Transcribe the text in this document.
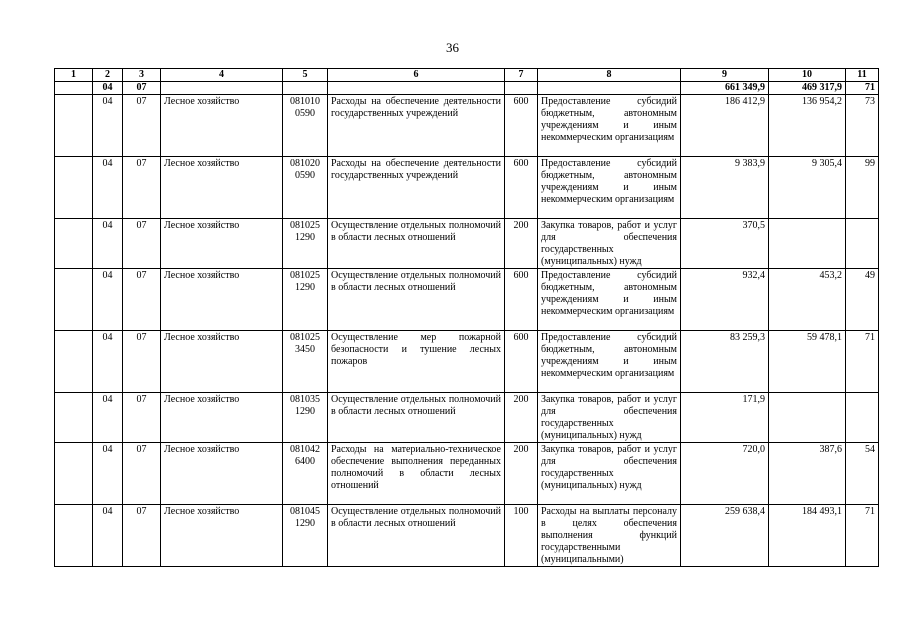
36
1	2	3	4	5	6	7	8	9	10	11
	04	07						661 349,9	469 317,9	71
	04	07	Лесное хозяйство	081010 0590	Расходы на обеспечение деятельности государственных учреждений	600	Предоставление субсидий бюджетным, автономным учреждениям и иным некоммерческим организациям	186 412,9	136 954,2	73
	04	07	Лесное хозяйство	081020 0590	Расходы на обеспечение деятельности государственных учреждений	600	Предоставление субсидий бюджетным, автономным учреждениям и иным некоммерческим организациям	9 383,9	9 305,4	99
	04	07	Лесное хозяйство	081025 1290	Осуществление отдельных полномочий в области лесных отношений	200	Закупка товаров, работ и услуг для обеспечения государственных (муниципальных) нужд	370,5		
	04	07	Лесное хозяйство	081025 1290	Осуществление отдельных полномочий в области лесных отношений	600	Предоставление субсидий бюджетным, автономным учреждениям и иным некоммерческим организациям	932,4	453,2	49
	04	07	Лесное хозяйство	081025 3450	Осуществление мер пожарной безопасности и тушение лесных пожаров	600	Предоставление субсидий бюджетным, автономным учреждениям и иным некоммерческим организациям	83 259,3	59 478,1	71
	04	07	Лесное хозяйство	081035 1290	Осуществление отдельных полномочий в области лесных отношений	200	Закупка товаров, работ и услуг для обеспечения государственных (муниципальных) нужд	171,9		
	04	07	Лесное хозяйство	081042 6400	Расходы на материально-техническое обеспечение выполнения переданных полномочий в области лесных отношений	200	Закупка товаров, работ и услуг для обеспечения государственных (муниципальных) нужд	720,0	387,6	54
	04	07	Лесное хозяйство	081045 1290	Осуществление отдельных полномочий в области лесных отношений	100	Расходы на выплаты персоналу в целях обеспечения выполнения функций государственными (муниципальными)	259 638,4	184 493,1	71
